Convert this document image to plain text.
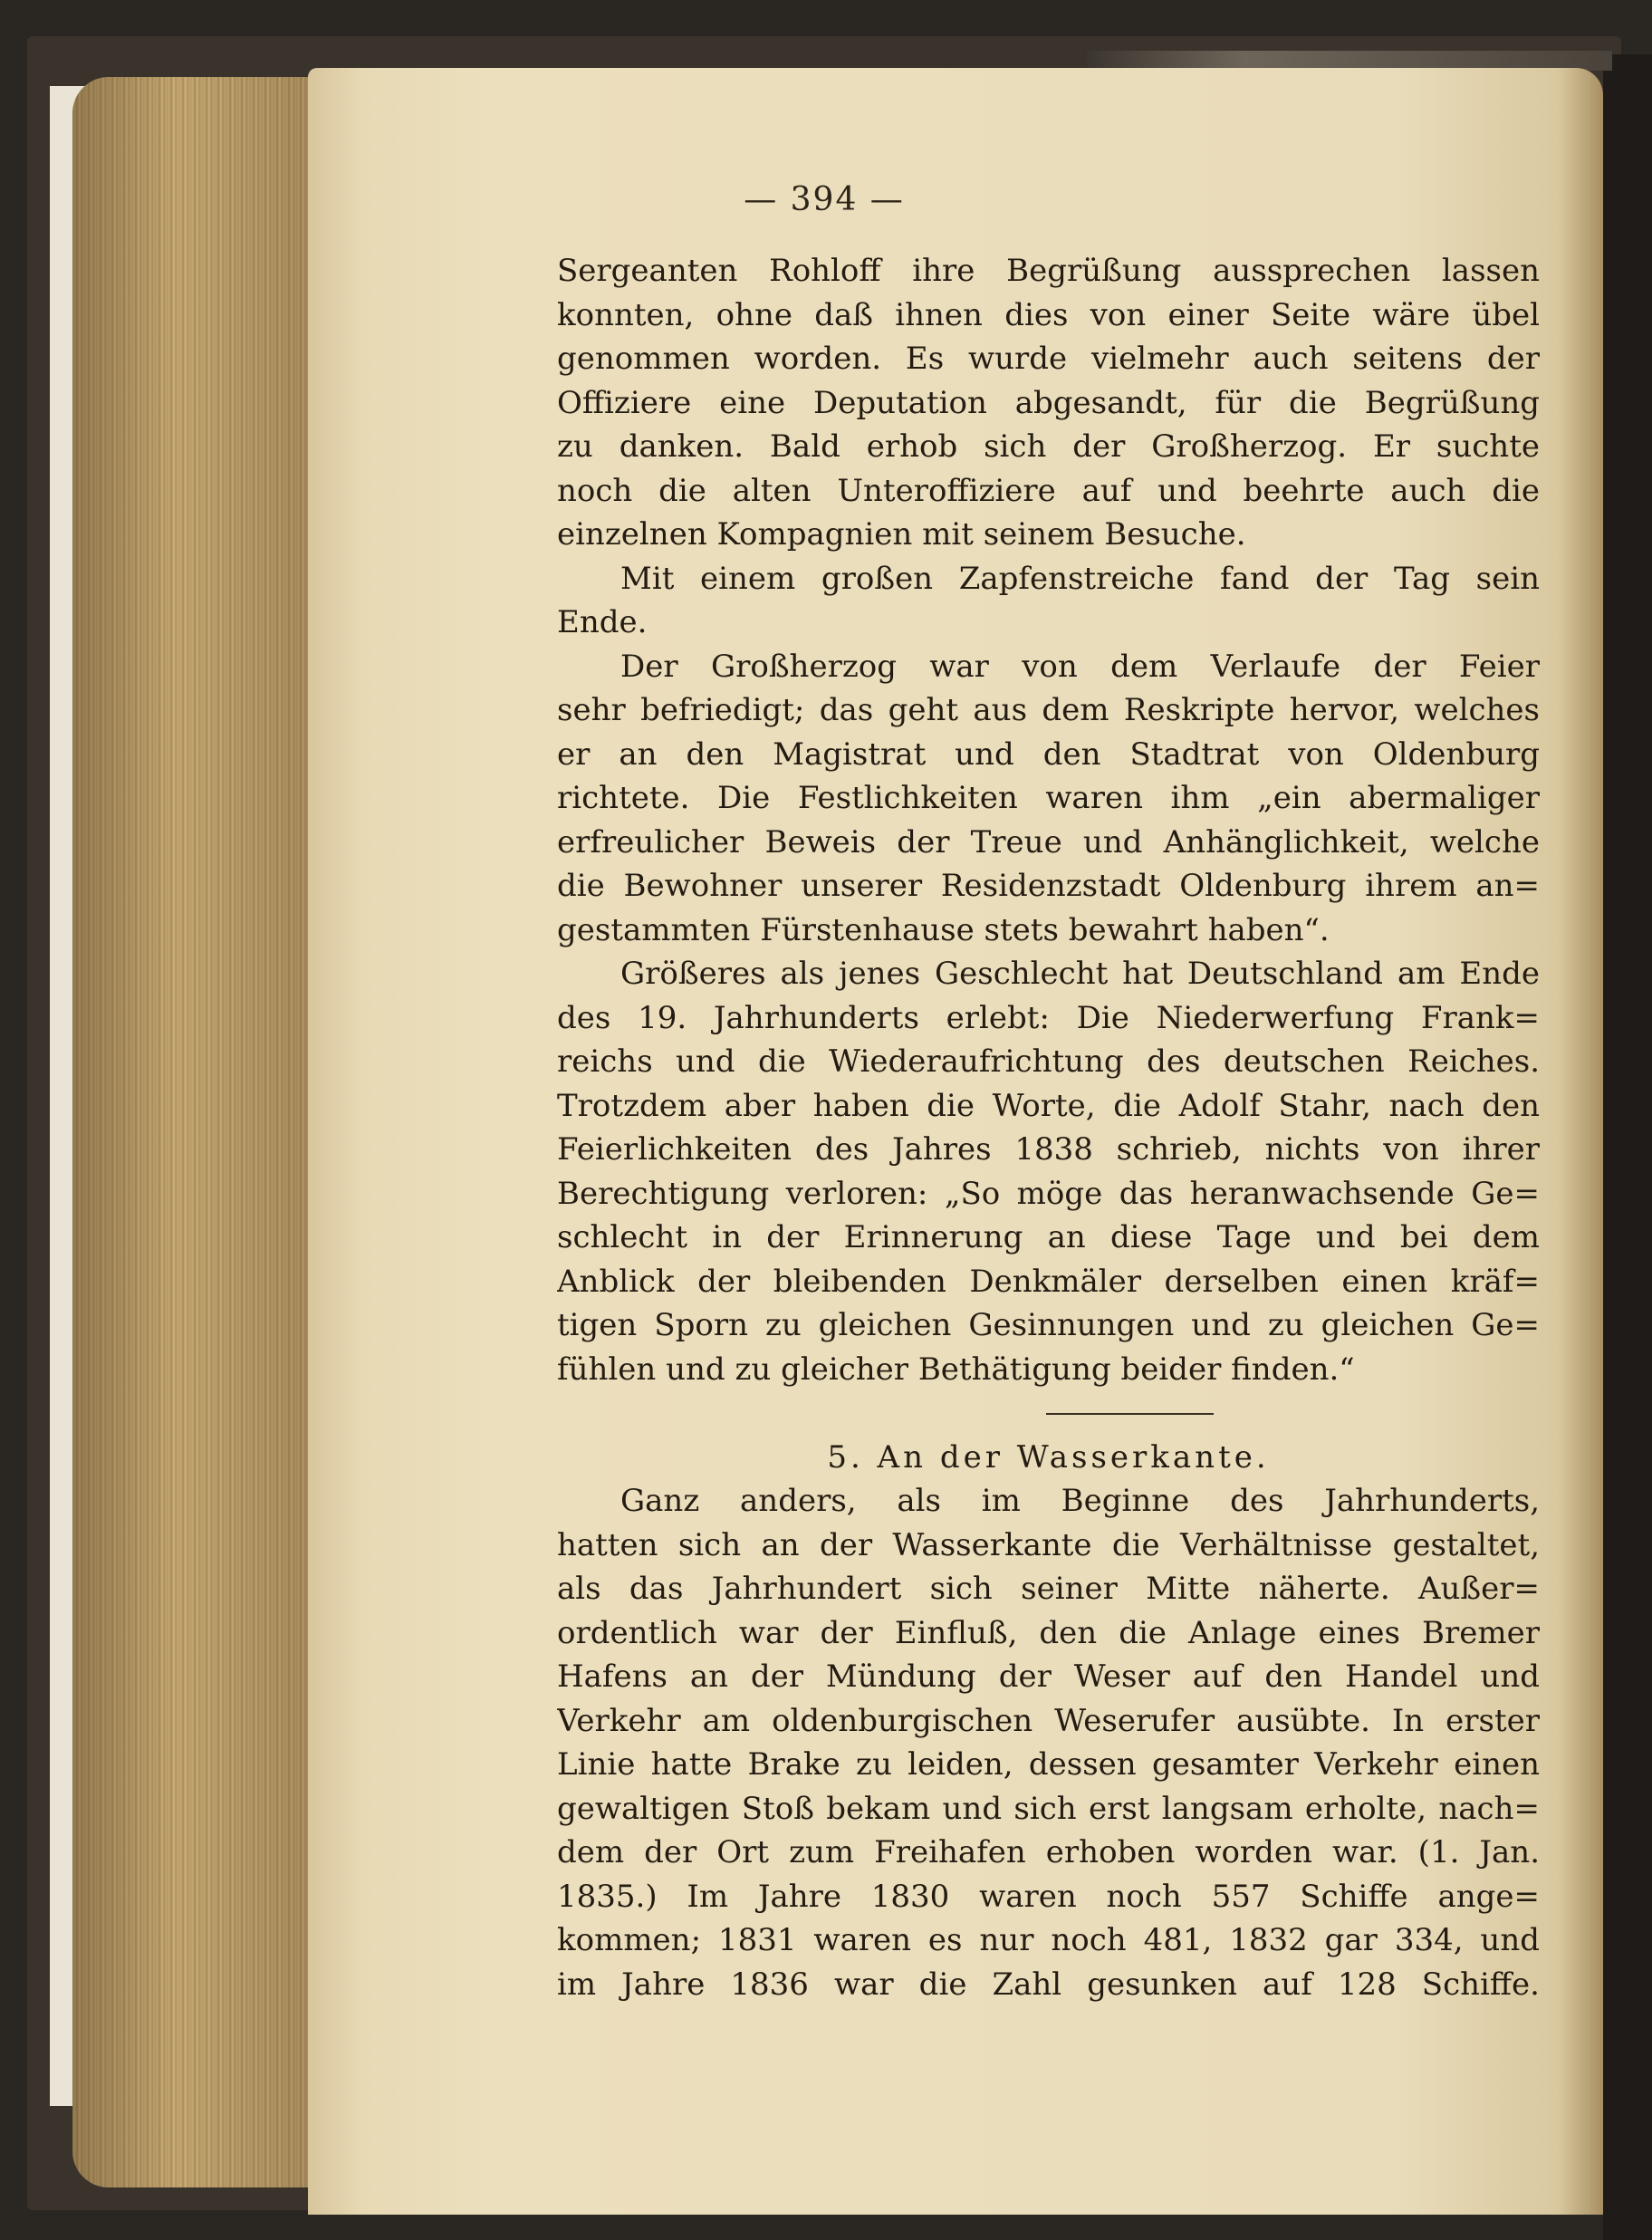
— 394 —
Sergeanten Rohloff ihre Begrüßung aussprechen lassen
konnten, ohne daß ihnen dies von einer Seite wäre übel
genommen worden. Es wurde vielmehr auch seitens der
Offiziere eine Deputation abgesandt, für die Begrüßung
zu danken. Bald erhob sich der Großherzog. Er suchte
noch die alten Unteroffiziere auf und beehrte auch die
einzelnen Kompagnien mit seinem Besuche.
Mit einem großen Zapfenstreiche fand der Tag sein
Ende.
Der Großherzog war von dem Verlaufe der Feier
sehr befriedigt; das geht aus dem Reskripte hervor, welches
er an den Magistrat und den Stadtrat von Oldenburg
richtete. Die Festlichkeiten waren ihm „ein abermaliger
erfreulicher Beweis der Treue und Anhänglichkeit, welche
die Bewohner unserer Residenzstadt Oldenburg ihrem an=
gestammten Fürstenhause stets bewahrt haben“.
Größeres als jenes Geschlecht hat Deutschland am Ende
des 19. Jahrhunderts erlebt: Die Niederwerfung Frank=
reichs und die Wiederaufrichtung des deutschen Reiches.
Trotzdem aber haben die Worte, die Adolf Stahr, nach den
Feierlichkeiten des Jahres 1838 schrieb, nichts von ihrer
Berechtigung verloren: „So möge das heranwachsende Ge=
schlecht in der Erinnerung an diese Tage und bei dem
Anblick der bleibenden Denkmäler derselben einen kräf=
tigen Sporn zu gleichen Gesinnungen und zu gleichen Ge=
fühlen und zu gleicher Bethätigung beider finden.“
5. An der Wasserkante.
Ganz anders, als im Beginne des Jahrhunderts,
hatten sich an der Wasserkante die Verhältnisse gestaltet,
als das Jahrhundert sich seiner Mitte näherte. Außer=
ordentlich war der Einfluß, den die Anlage eines Bremer
Hafens an der Mündung der Weser auf den Handel und
Verkehr am oldenburgischen Weserufer ausübte. In erster
Linie hatte Brake zu leiden, dessen gesamter Verkehr einen
gewaltigen Stoß bekam und sich erst langsam erholte, nach=
dem der Ort zum Freihafen erhoben worden war. (1. Jan.
1835.) Im Jahre 1830 waren noch 557 Schiffe ange=
kommen; 1831 waren es nur noch 481, 1832 gar 334, und
im Jahre 1836 war die Zahl gesunken auf 128 Schiffe.
